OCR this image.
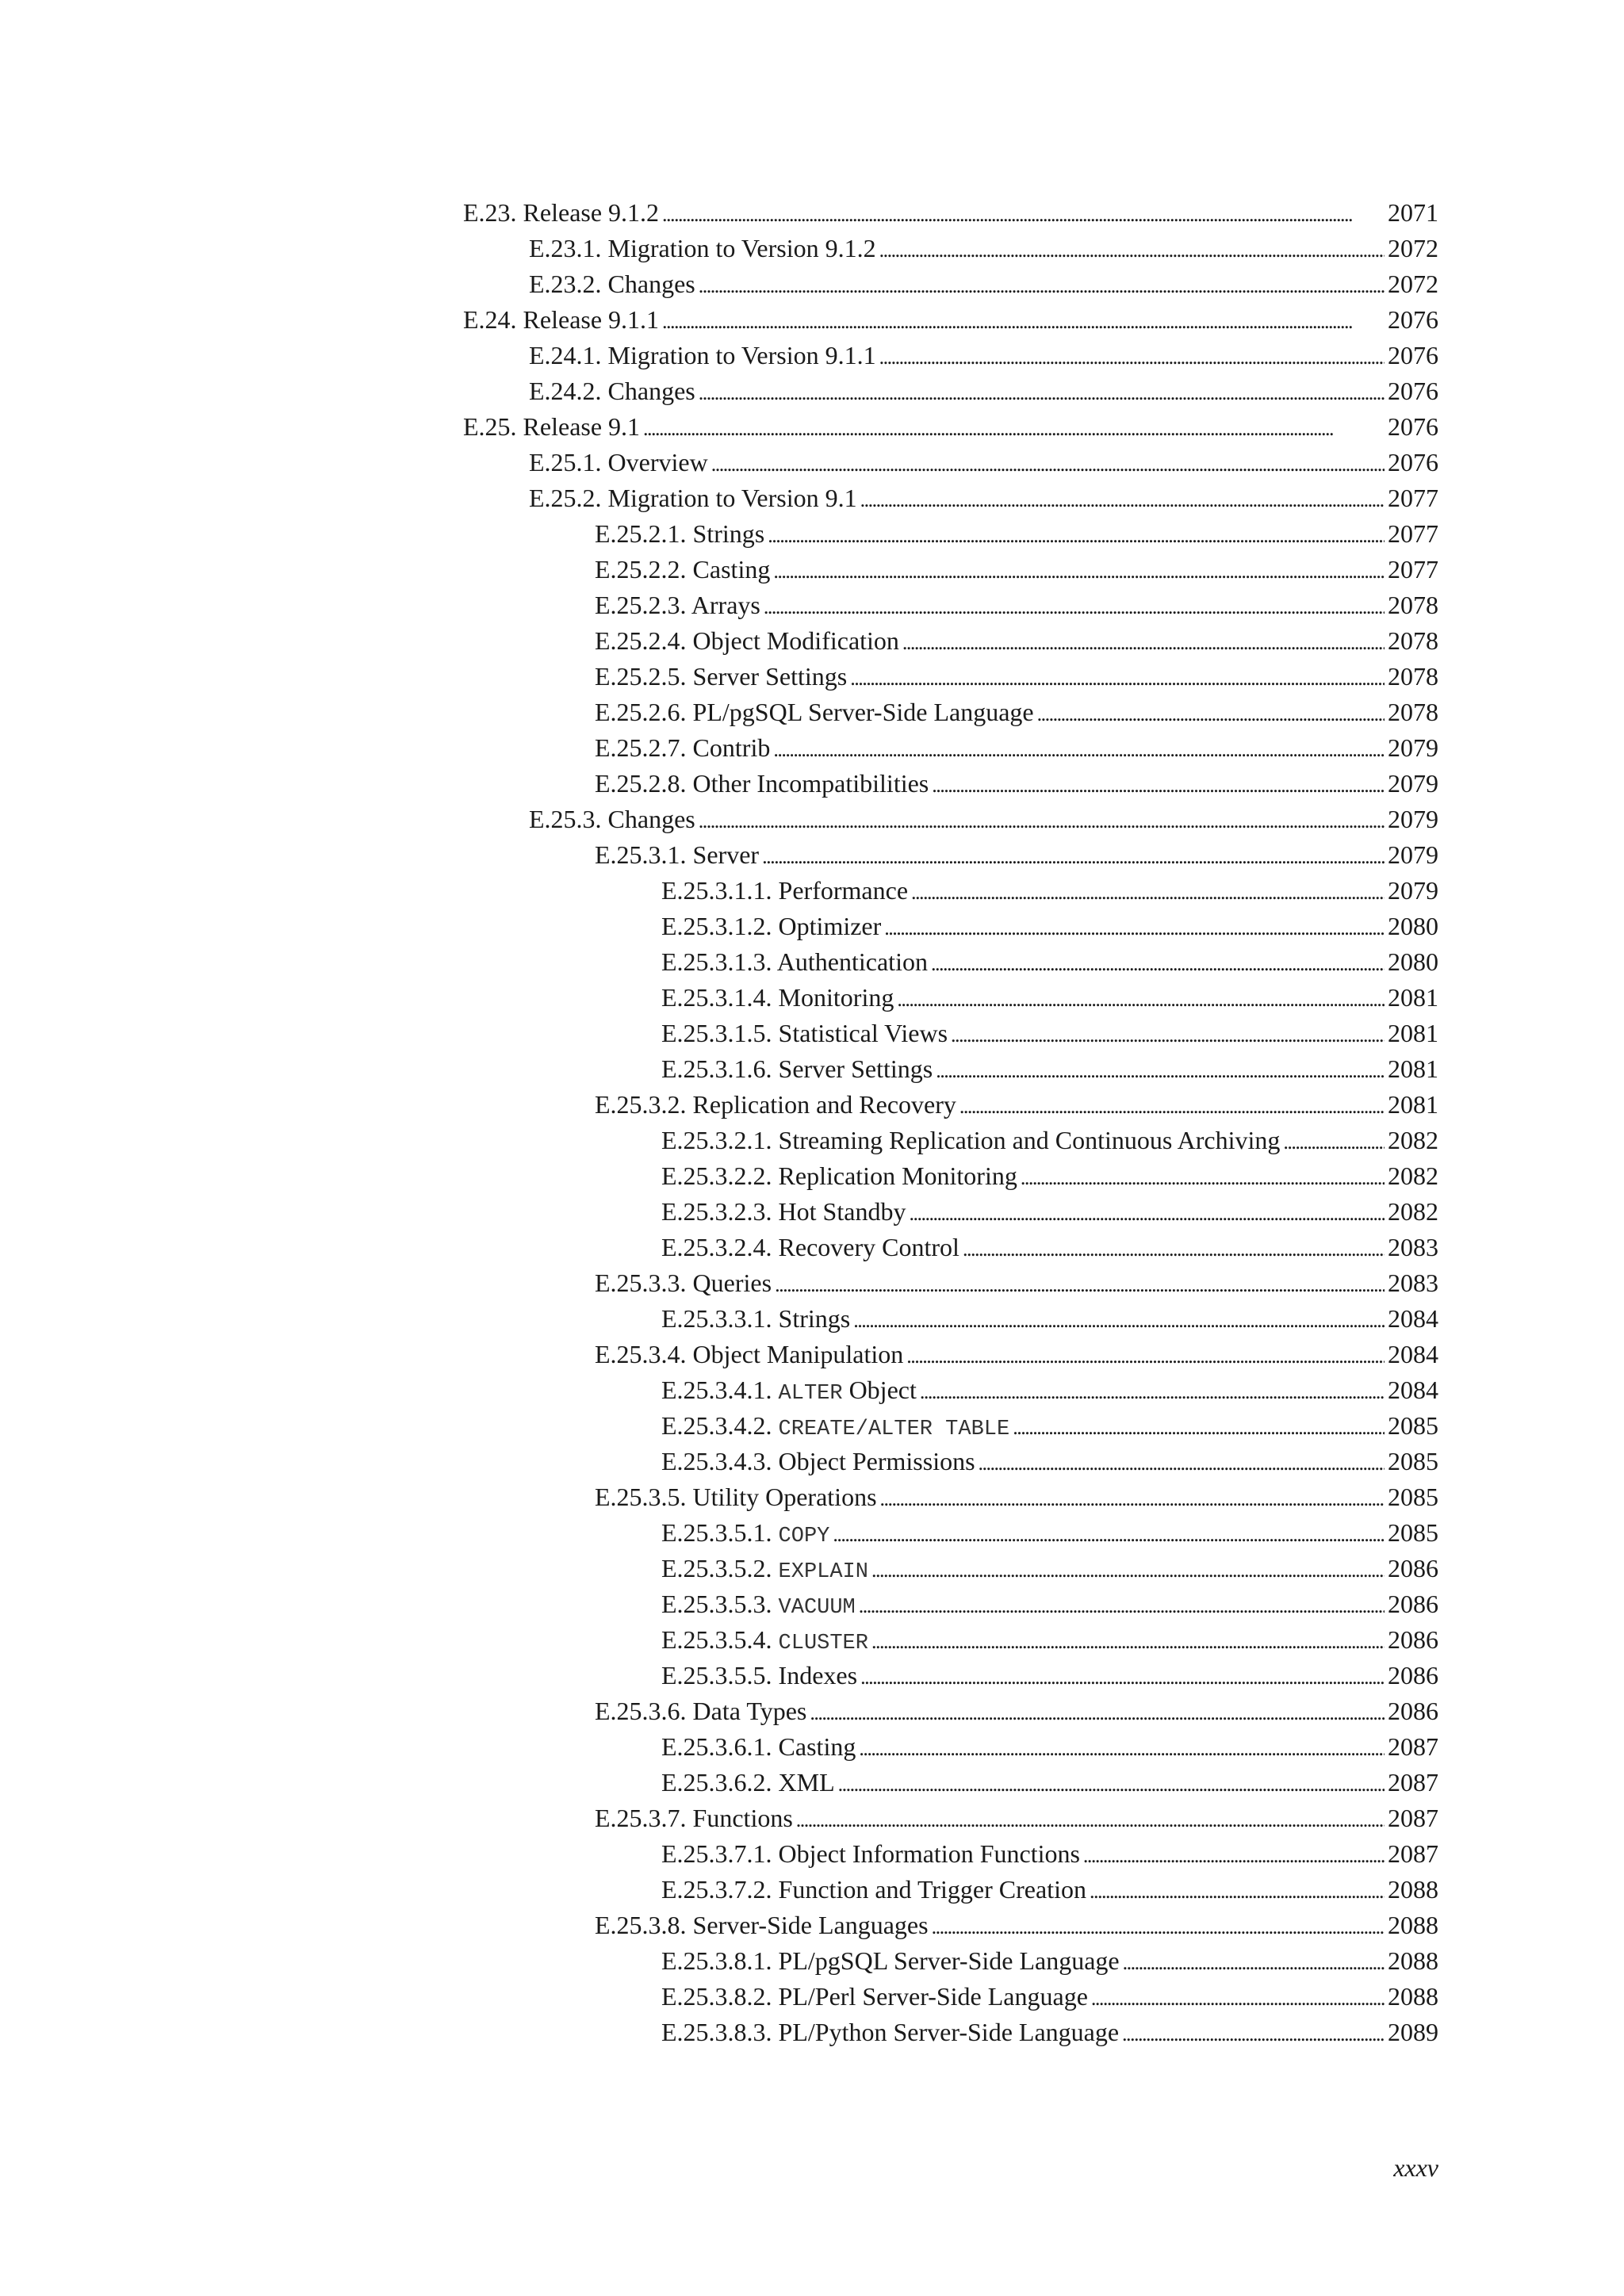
E.23. Release 9.1.2 . . .	2071
E.23.1. Migration to Version 9.1.2 . . .	2072
E.23.2. Changes . . .	2072
E.24. Release 9.1.1 . . .	2076
E.24.1. Migration to Version 9.1.1 . . .	2076
E.24.2. Changes . . .	2076
E.25. Release 9.1 . . .	2076
E.25.1. Overview . . .	2076
E.25.2. Migration to Version 9.1 . . .	2077
E.25.2.1. Strings . . .	2077
E.25.2.2. Casting . . .	2077
E.25.2.3. Arrays . . .	2078
E.25.2.4. Object Modification . . .	2078
E.25.2.5. Server Settings . . .	2078
E.25.2.6. PL/pgSQL Server-Side Language . . .	2078
E.25.2.7. Contrib . . .	2079
E.25.2.8. Other Incompatibilities . . .	2079
E.25.3. Changes . . .	2079
E.25.3.1. Server . . .	2079
E.25.3.1.1. Performance . . .	2079
E.25.3.1.2. Optimizer . . .	2080
E.25.3.1.3. Authentication . . .	2080
E.25.3.1.4. Monitoring . . .	2081
E.25.3.1.5. Statistical Views . . .	2081
E.25.3.1.6. Server Settings . . .	2081
E.25.3.2. Replication and Recovery . . .	2081
E.25.3.2.1. Streaming Replication and Continuous Archiving . . .	2082
E.25.3.2.2. Replication Monitoring . . .	2082
E.25.3.2.3. Hot Standby . . .	2082
E.25.3.2.4. Recovery Control . . .	2083
E.25.3.3. Queries . . .	2083
E.25.3.3.1. Strings . . .	2084
E.25.3.4. Object Manipulation . . .	2084
E.25.3.4.1. ALTER Object . . .	2084
E.25.3.4.2. CREATE/ALTER TABLE . . .	2085
E.25.3.4.3. Object Permissions . . .	2085
E.25.3.5. Utility Operations . . .	2085
E.25.3.5.1. COPY . . .	2085
E.25.3.5.2. EXPLAIN . . .	2086
E.25.3.5.3. VACUUM . . .	2086
E.25.3.5.4. CLUSTER . . .	2086
E.25.3.5.5. Indexes . . .	2086
E.25.3.6. Data Types . . .	2086
E.25.3.6.1. Casting . . .	2087
E.25.3.6.2. XML . . .	2087
E.25.3.7. Functions . . .	2087
E.25.3.7.1. Object Information Functions . . .	2087
E.25.3.7.2. Function and Trigger Creation . . .	2088
E.25.3.8. Server-Side Languages . . .	2088
E.25.3.8.1. PL/pgSQL Server-Side Language . . .	2088
E.25.3.8.2. PL/Perl Server-Side Language . . .	2088
E.25.3.8.3. PL/Python Server-Side Language . . .	2089
xxxv
